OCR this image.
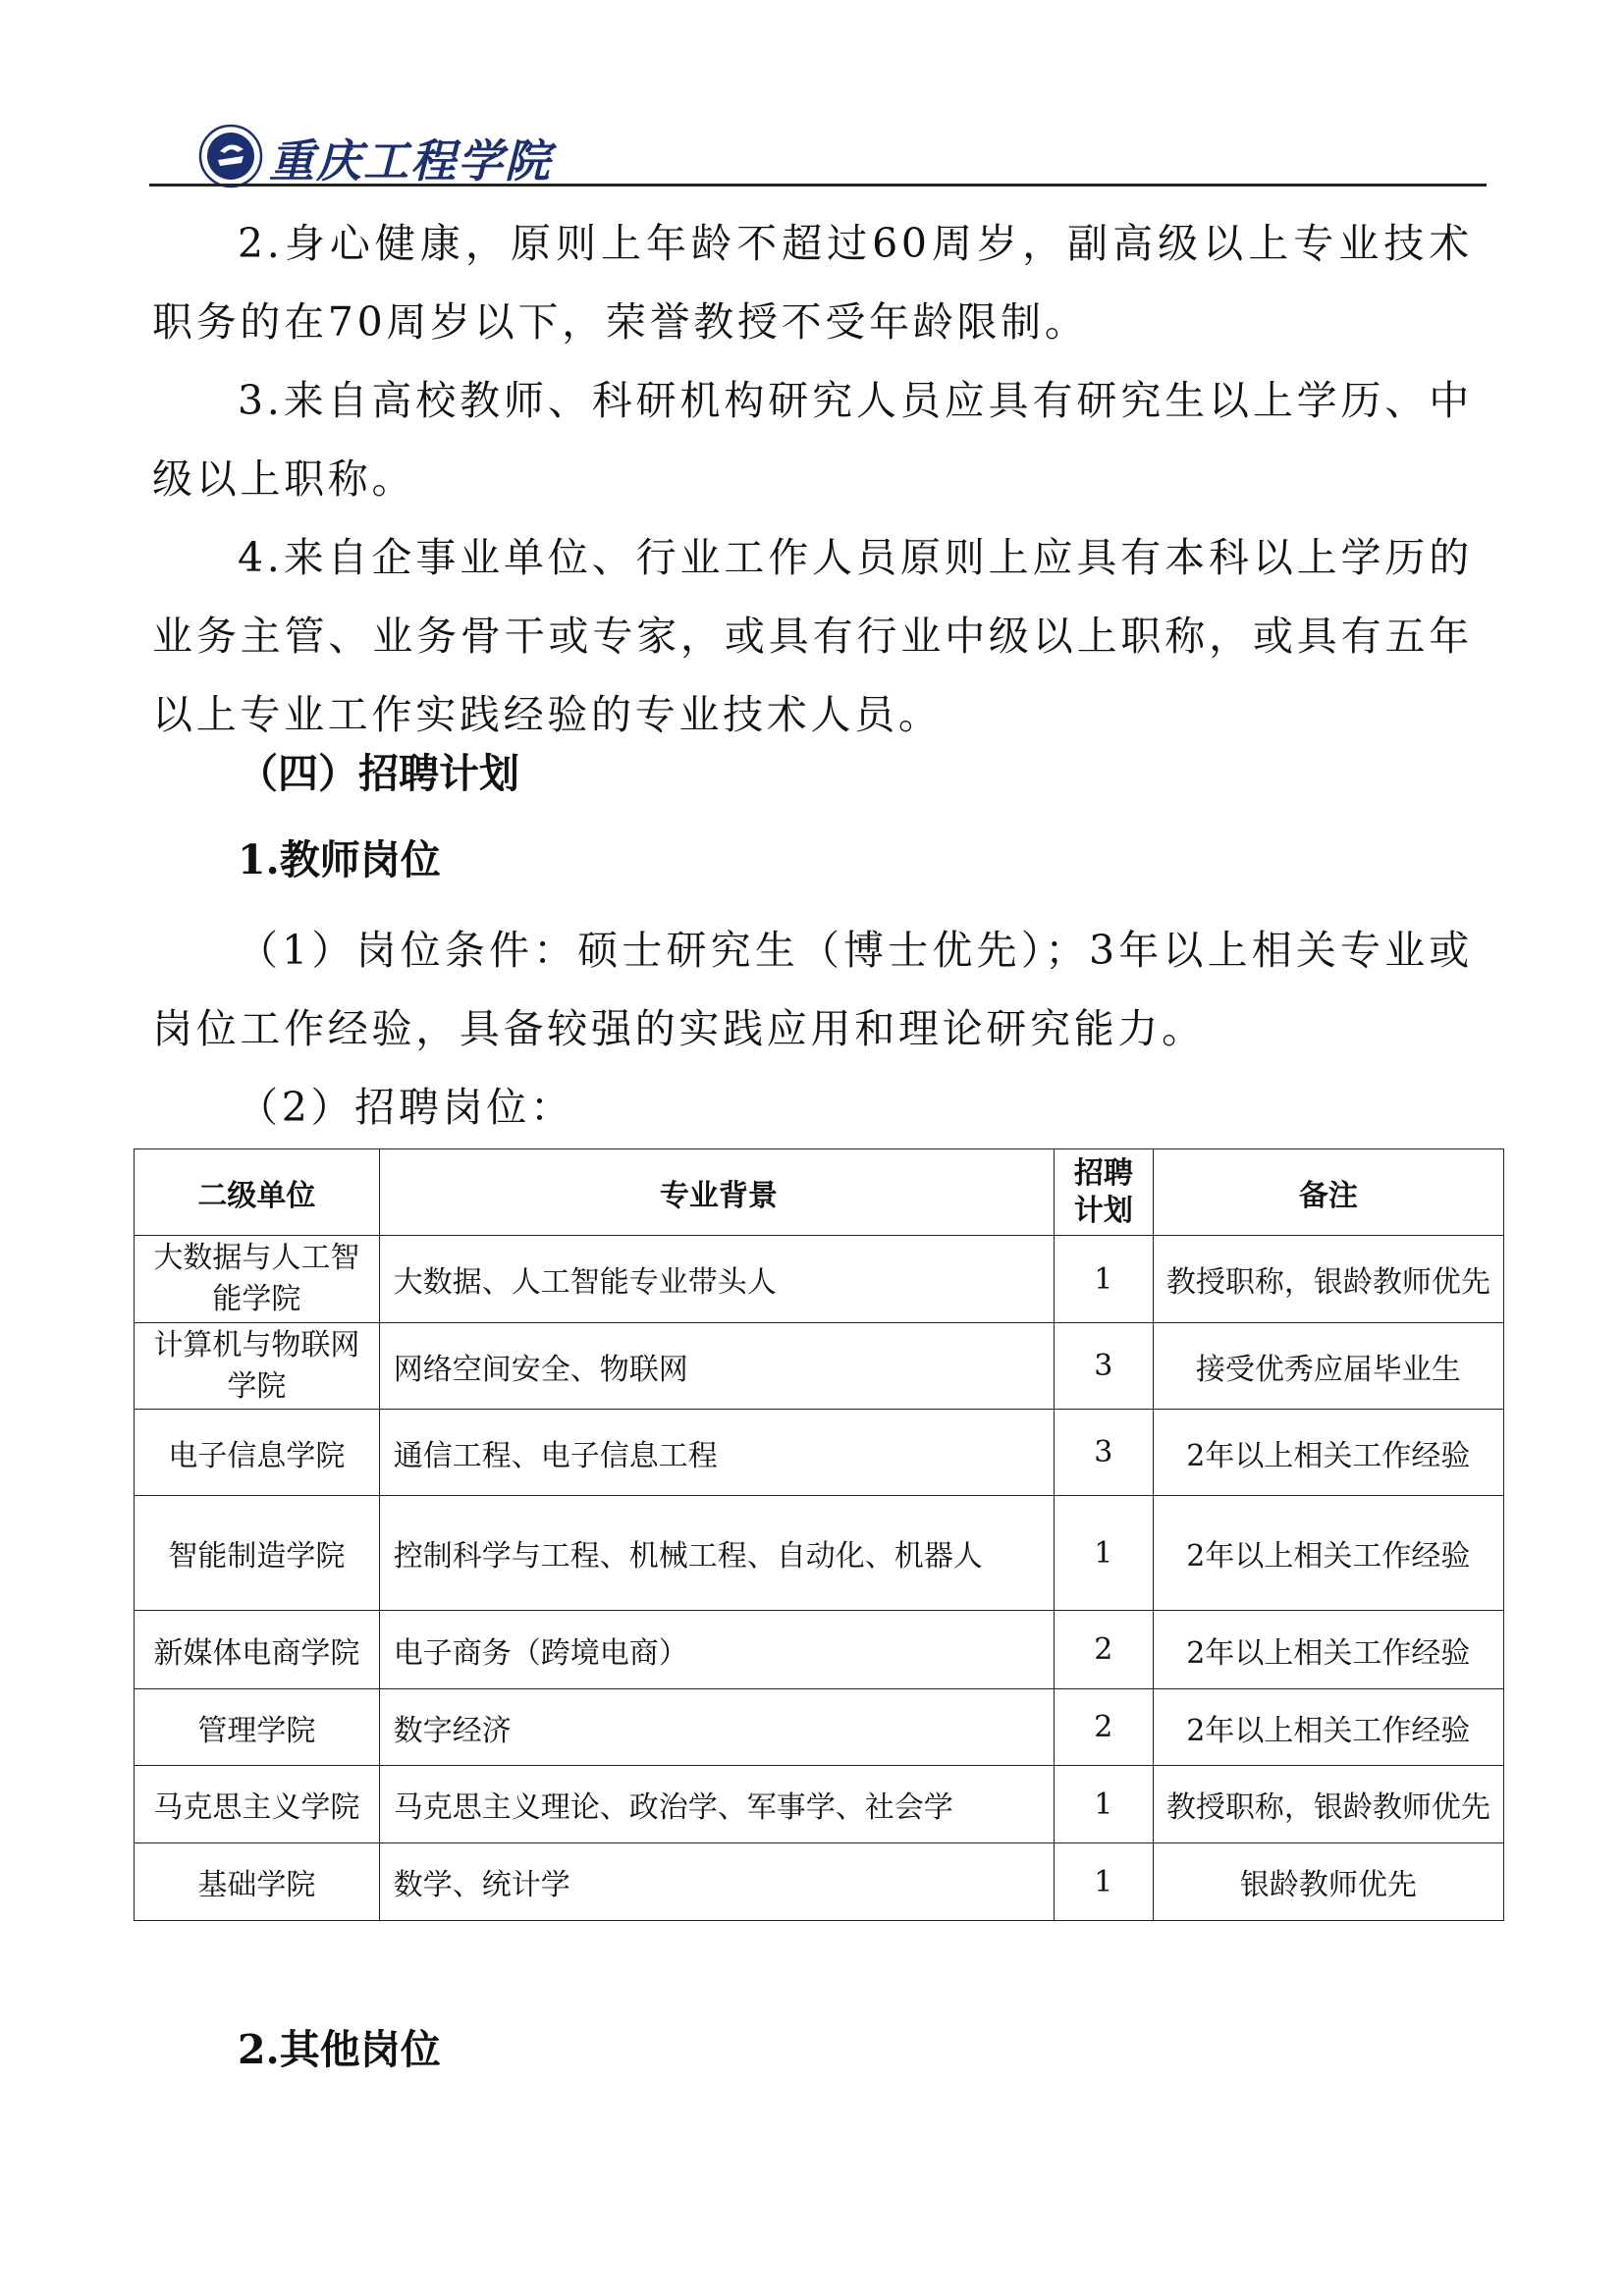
重庆工程学院

2.身心健康，原则上年龄不超过60周岁，副高级以上专业技术职务的在70周岁以下，荣誉教授不受年龄限制。

3.来自高校教师、科研机构研究人员应具有研究生以上学历、中级以上职称。

4.来自企事业单位、行业工作人员原则上应具有本科以上学历的业务主管、业务骨干或专家，或具有行业中级以上职称，或具有五年以上专业工作实践经验的专业技术人员。

（四）招聘计划
1.教师岗位

（1）岗位条件：硕士研究生（博士优先）；3年以上相关专业或岗位工作经验，具备较强的实践应用和理论研究能力。

（2）招聘岗位：

二级单位	专业背景	招聘计划	备注
大数据与人工智能学院	大数据、人工智能专业带头人	1	教授职称，银龄教师优先
计算机与物联网学院	网络空间安全、物联网	3	接受优秀应届毕业生
电子信息学院	通信工程、电子信息工程	3	2年以上相关工作经验
智能制造学院	控制科学与工程、机械工程、自动化、机器人	1	2年以上相关工作经验
新媒体电商学院	电子商务（跨境电商）	2	2年以上相关工作经验
管理学院	数字经济	2	2年以上相关工作经验
马克思主义学院	马克思主义理论、政治学、军事学、社会学	1	教授职称，银龄教师优先
基础学院	数学、统计学	1	银龄教师优先
2.其他岗位
